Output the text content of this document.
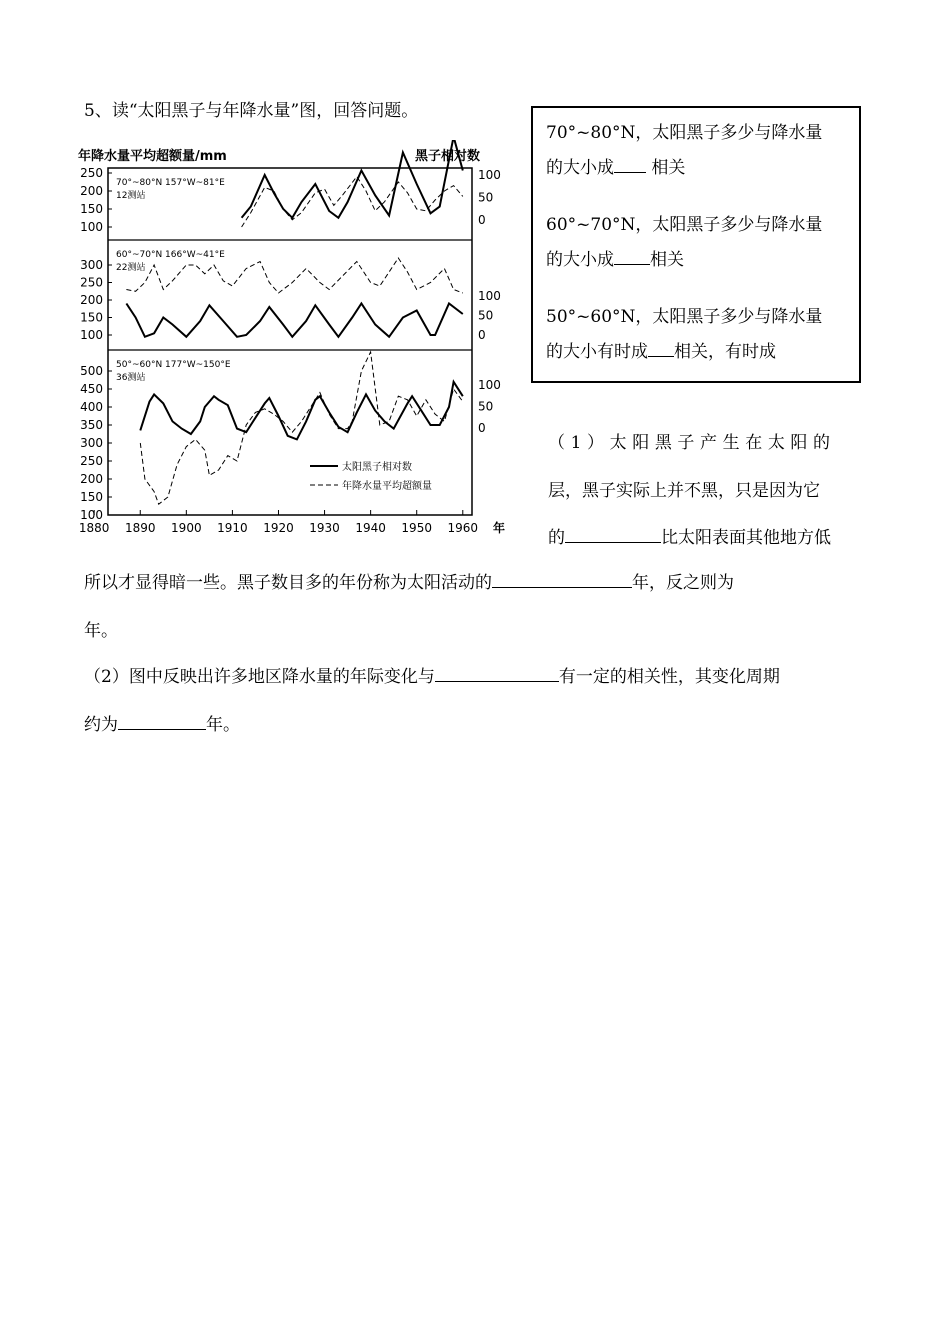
5、读“太阳黑子与年降水量”图，回答问题。
年降水量平均超额量/mm	黑子相对数
250
200
150
100
100
50
0
70°~80°N 157°W~81°E
12测站
300
250
200
150
100
100
50
0
60°~70°N 166°W~41°E
22测站
500
450
400
350
300
250
200
150
100
100
50
0
50°~60°N 177°W~150°E
36测站
1880 1890 1900 1910 1920 1930 1940 1950 1960 年
太阳黑子相对数
年降水量平均超额量

70°~80°N，太阳黑子多少与降水量
的大小成 相关

60°~70°N，太阳黑子多少与降水量
的大小成 相关

50°~60°N，太阳黑子多少与降水量
的大小有时成 相关，有时成

（1）太阳黑子产生在太阳的
层，黑子实际上并不黑，只是因为它
的	比太阳表面其他地方低
所以才显得暗一些。黑子数目多的年份称为太阳活动的	年，反之则为
年。
（2）图中反映出许多地区降水量的年际变化与	有一定的相关性，其变化周期
约为	年。
